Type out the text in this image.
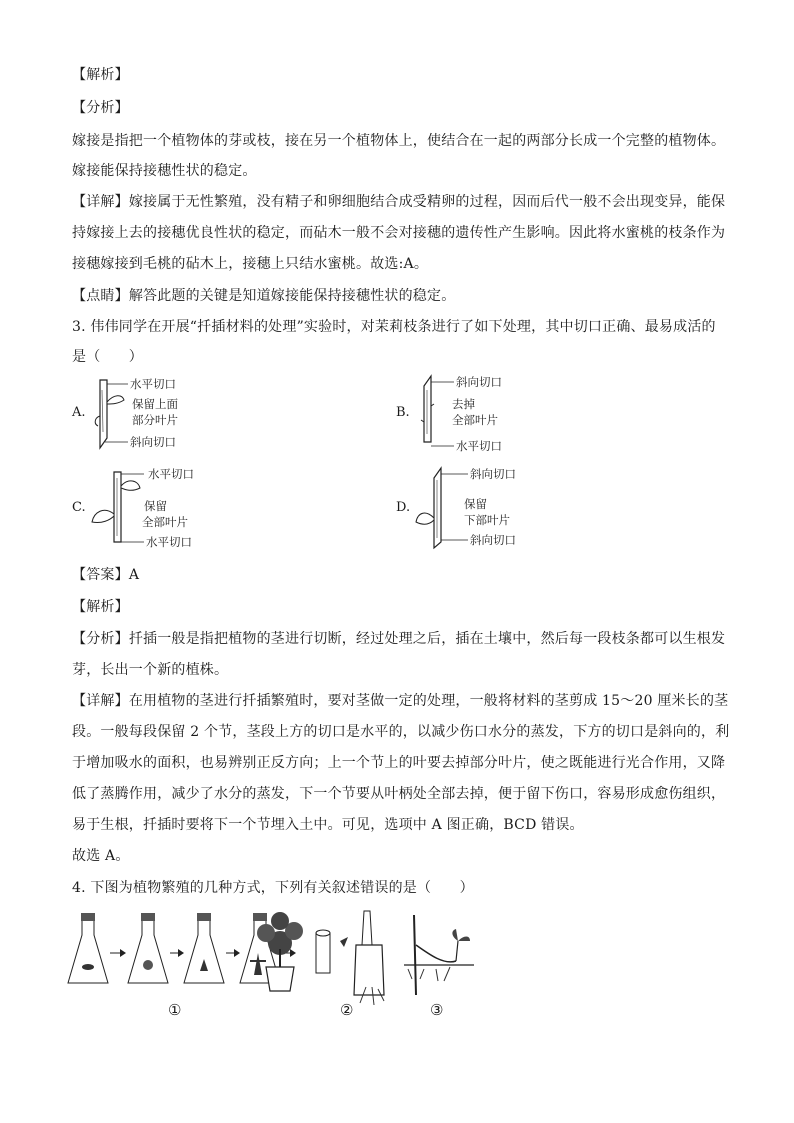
【解析】
【分析】
嫁接是指把一个植物体的芽或枝，接在另一个植物体上，使结合在一起的两部分长成一个完整的植物体。
嫁接能保持接穗性状的稳定。
【详解】嫁接属于无性繁殖，没有精子和卵细胞结合成受精卵的过程，因而后代一般不会出现变异，能保
持嫁接上去的接穗优良性状的稳定，而砧木一般不会对接穗的遗传性产生影响。因此将水蜜桃的枝条作为
接穗嫁接到毛桃的砧木上，接穗上只结水蜜桃。故选:A。
【点睛】解答此题的关键是知道嫁接能保持接穗性状的稳定。
3. 伟伟同学在开展“扦插材料的处理”实验时，对茉莉枝条进行了如下处理，其中切口正确、最易成活的
是（　　）
A.
水平切口
保留上面
部分叶片
斜向切口
B.
斜向切口
去掉
全部叶片
水平切口
C.
水平切口
保留
全部叶片
水平切口
D.
斜向切口
保留
下部叶片
斜向切口
【答案】A
【解析】
【分析】扦插一般是指把植物的茎进行切断，经过处理之后，插在土壤中，然后每一段枝条都可以生根发
芽，长出一个新的植株。
【详解】在用植物的茎进行扦插繁殖时，要对茎做一定的处理，一般将材料的茎剪成 15～20 厘米长的茎
段。一般每段保留 2 个节，茎段上方的切口是水平的，以减少伤口水分的蒸发，下方的切口是斜向的，利
于增加吸水的面积，也易辨别正反方向；上一个节上的叶要去掉部分叶片，使之既能进行光合作用，又降
低了蒸腾作用，减少了水分的蒸发，下一个节要从叶柄处全部去掉，便于留下伤口，容易形成愈伤组织，
易于生根，扦插时要将下一个节埋入土中。可见，选项中 A 图正确，BCD 错误。
故选 A。
4. 下图为植物繁殖的几种方式，下列有关叙述错误的是（　　）
①	②	③
